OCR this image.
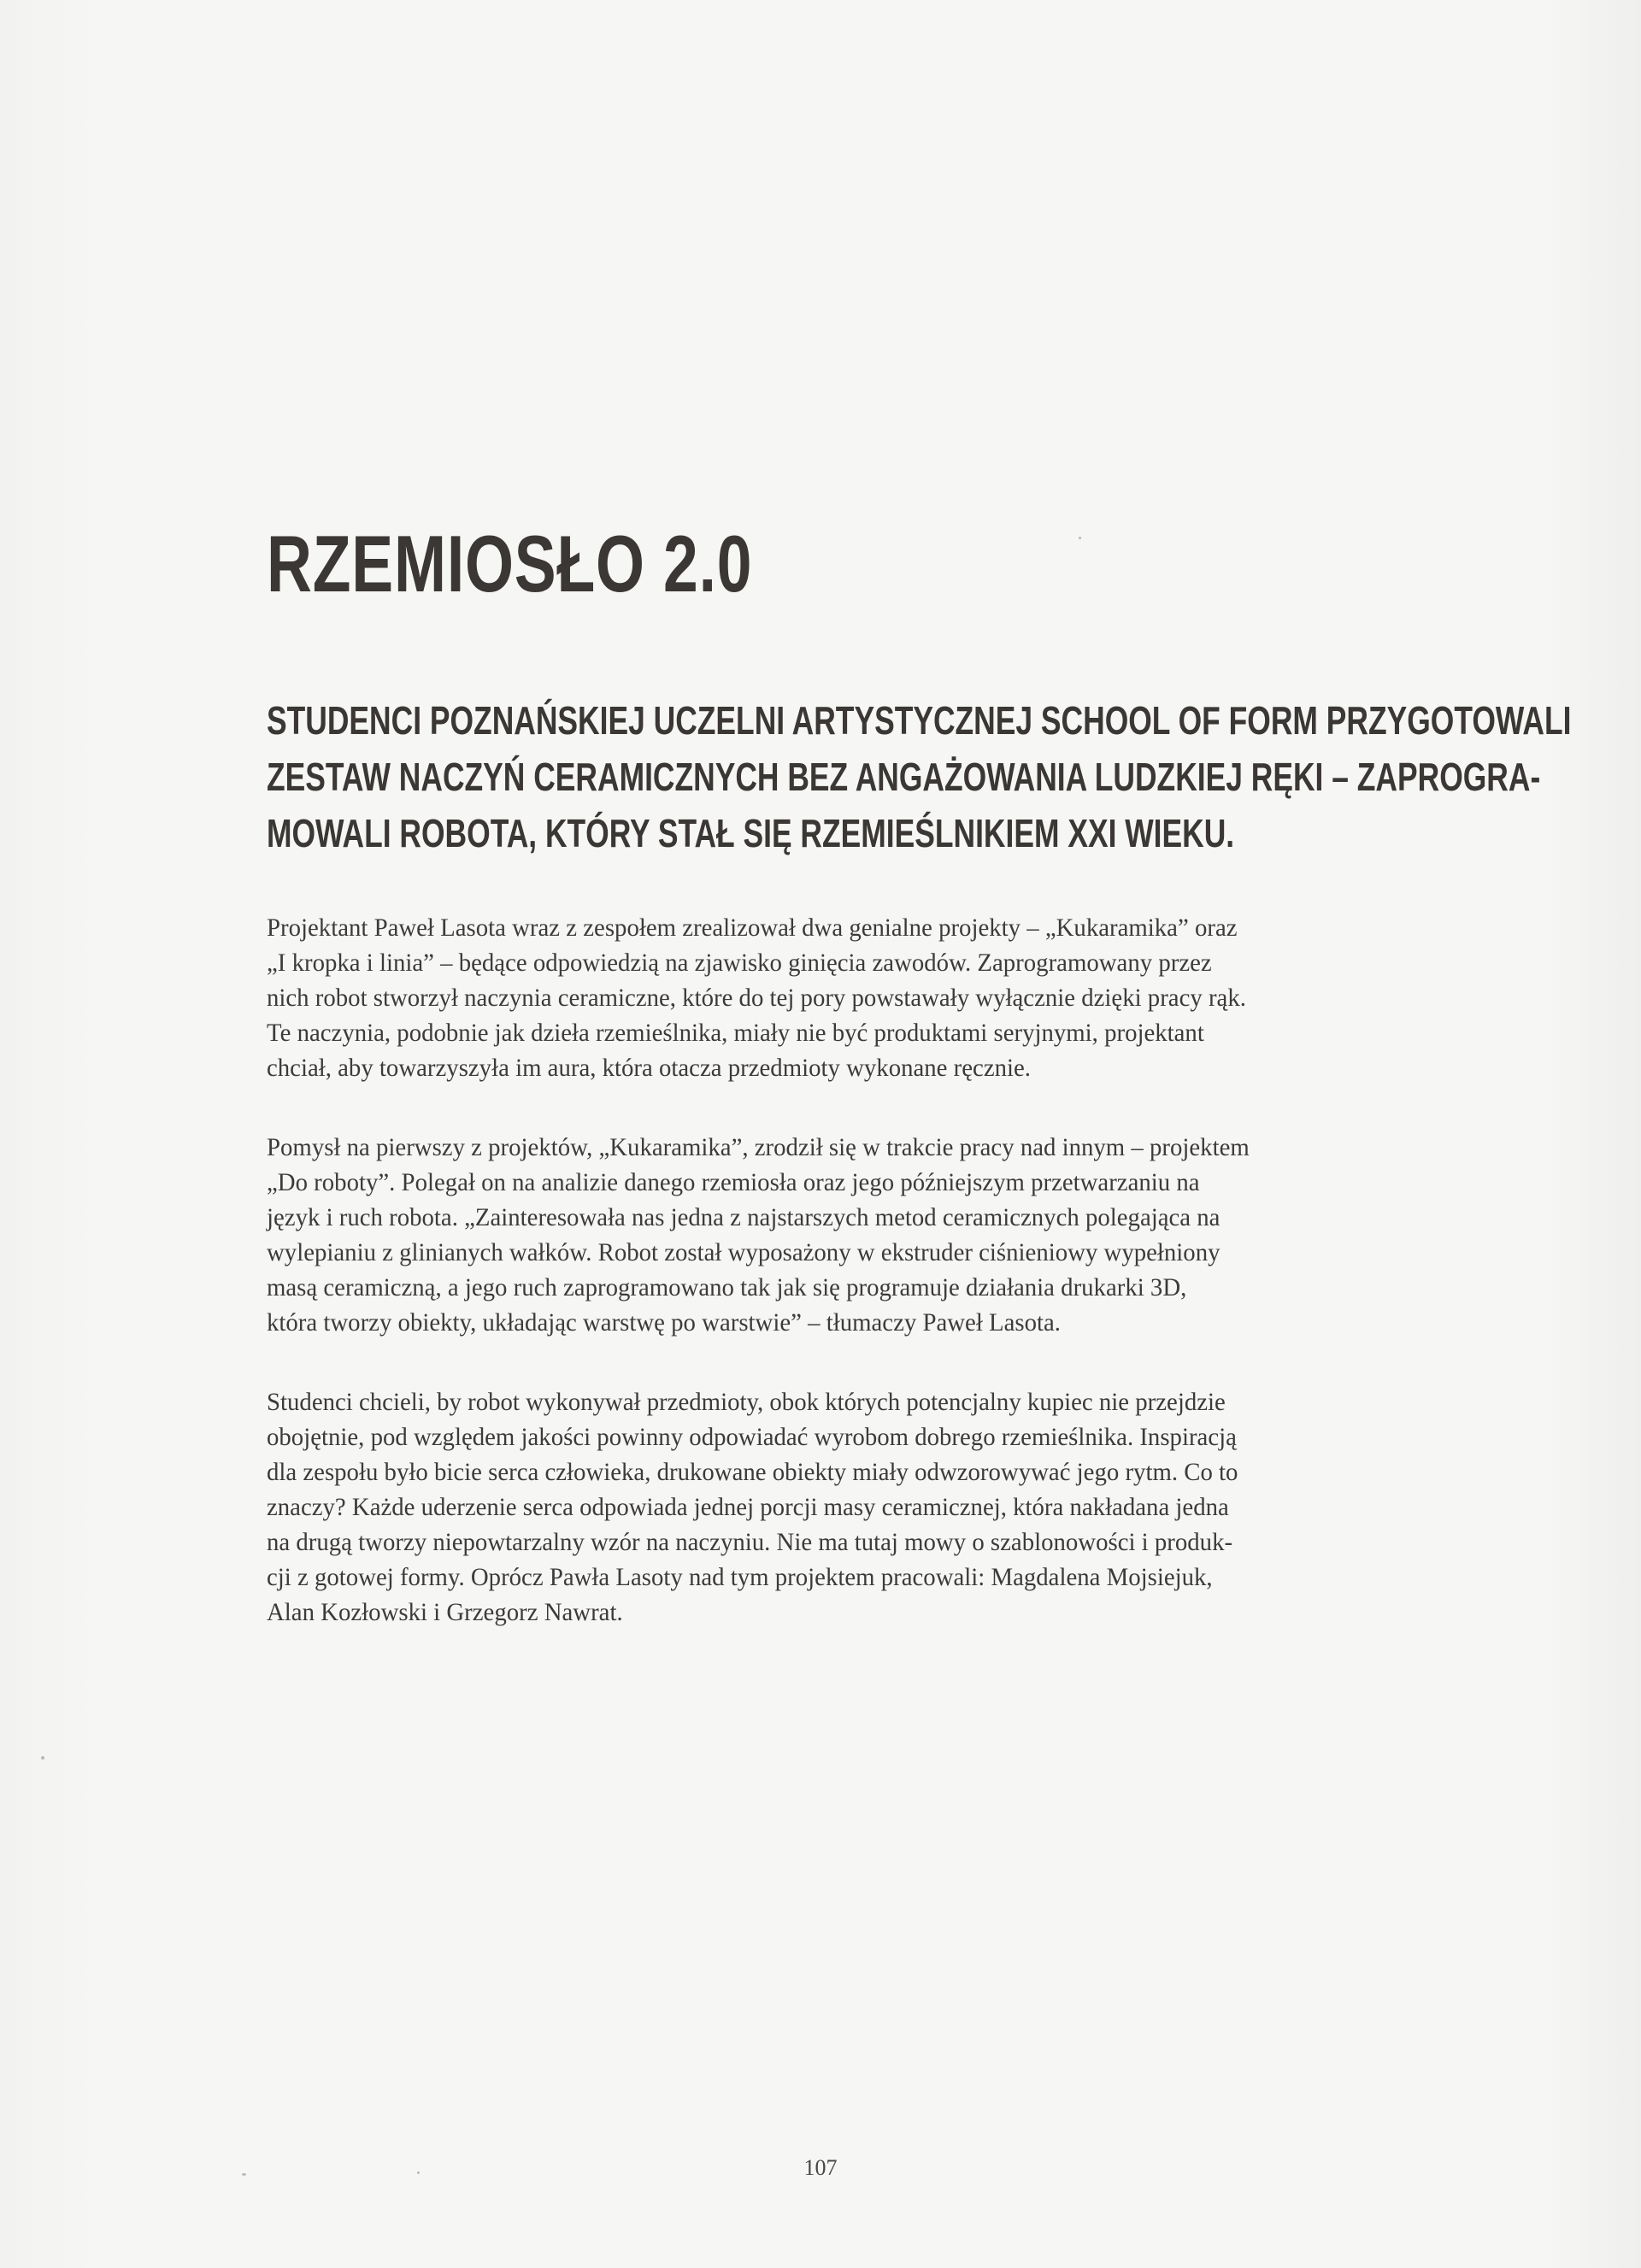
RZEMIOSŁO 2.0
STUDENCI POZNAŃSKIEJ UCZELNI ARTYSTYCZNEJ SCHOOL OF FORM PRZYGOTOWALI
ZESTAW NACZYŃ CERAMICZNYCH BEZ ANGAŻOWANIA LUDZKIEJ RĘKI – ZAPROGRA-
MOWALI ROBOTA, KTÓRY STAŁ SIĘ RZEMIEŚLNIKIEM XXI WIEKU.
Projektant Paweł Lasota wraz z zespołem zrealizował dwa genialne projekty – „Kukaramika” oraz
„I kropka i linia” – będące odpowiedzią na zjawisko ginięcia zawodów. Zaprogramowany przez
nich robot stworzył naczynia ceramiczne, które do tej pory powstawały wyłącznie dzięki pracy rąk.
Te naczynia, podobnie jak dzieła rzemieślnika, miały nie być produktami seryjnymi, projektant
chciał, aby towarzyszyła im aura, która otacza przedmioty wykonane ręcznie.
Pomysł na pierwszy z projektów, „Kukaramika”, zrodził się w trakcie pracy nad innym – projektem
„Do roboty”. Polegał on na analizie danego rzemiosła oraz jego późniejszym przetwarzaniu na
język i ruch robota. „Zainteresowała nas jedna z najstarszych metod ceramicznych polegająca na
wylepianiu z glinianych wałków. Robot został wyposażony w ekstruder ciśnieniowy wypełniony
masą ceramiczną, a jego ruch zaprogramowano tak jak się programuje działania drukarki 3D,
która tworzy obiekty, układając warstwę po warstwie” – tłumaczy Paweł Lasota.
Studenci chcieli, by robot wykonywał przedmioty, obok których potencjalny kupiec nie przejdzie
obojętnie, pod względem jakości powinny odpowiadać wyrobom dobrego rzemieślnika. Inspiracją
dla zespołu było bicie serca człowieka, drukowane obiekty miały odwzorowywać jego rytm. Co to
znaczy? Każde uderzenie serca odpowiada jednej porcji masy ceramicznej, która nakładana jedna
na drugą tworzy niepowtarzalny wzór na naczyniu. Nie ma tutaj mowy o szablonowości i produk-
cji z gotowej formy. Oprócz Pawła Lasoty nad tym projektem pracowali: Magdalena Mojsiejuk,
Alan Kozłowski i Grzegorz Nawrat.
107
